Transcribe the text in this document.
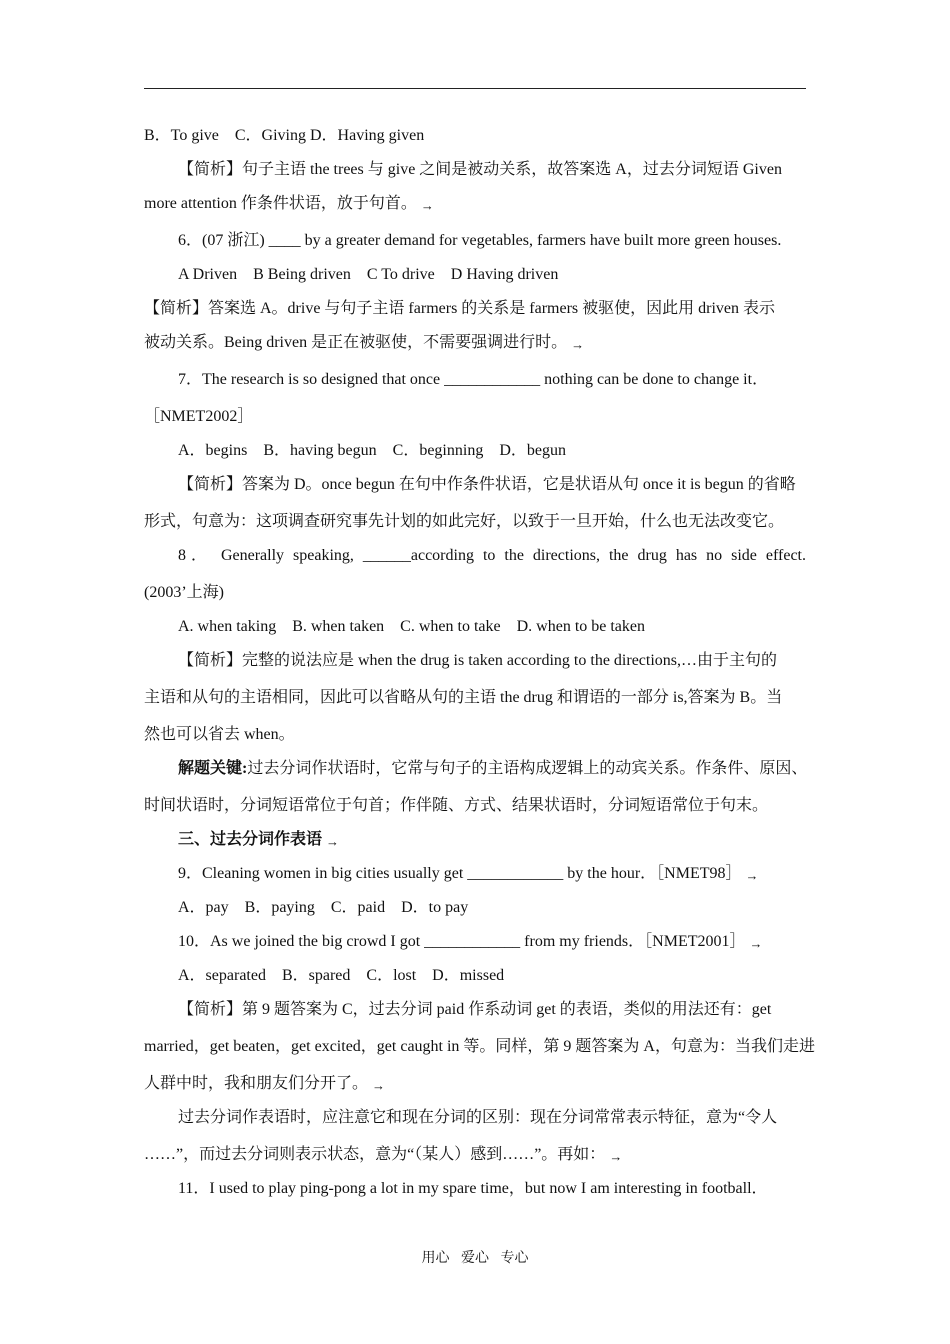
B．To give　C．Giving D．Having given
【简析】句子主语 the trees 与 give 之间是被动关系，故答案选 A，过去分词短语 Given
more attention 作条件状语，放于句首。 →
6．(07 浙江) ____ by a greater demand for vegetables, farmers have built more green houses.
A Driven　B Being driven　C To drive　D Having driven
【简析】答案选 A。drive 与句子主语 farmers 的关系是 farmers 被驱使，因此用 driven 表示
被动关系。Being driven 是正在被驱使，不需要强调进行时。 →
7．The research is so designed that once ____________ nothing can be done to change it．
［NMET2002］
A．begins　B．having begun　C．beginning　D．begun
【简析】答案为 D。once begun 在句中作条件状语，它是状语从句 once it is begun 的省略
形式，句意为：这项调查研究事先计划的如此完好，以致于一旦开始，什么也无法改变它。
8． Generally speaking, ______according to the directions, the drug has no side effect.
(2003’上海)
A. when taking　B. when taken　C. when to take　D. when to be taken
【简析】完整的说法应是 when the drug is taken according to the directions,…由于主句的
主语和从句的主语相同，因此可以省略从句的主语 the drug 和谓语的一部分 is,答案为 B。当
然也可以省去 when。
解题关键:过去分词作状语时，它常与句子的主语构成逻辑上的动宾关系。作条件、原因、
时间状语时，分词短语常位于句首；作伴随、方式、结果状语时，分词短语常位于句末。
三、过去分词作表语 →
9．Cleaning women in big cities usually get ____________ by the hour．［NMET98］ →
A．pay　B．paying　C．paid　D．to pay
10．As we joined the big crowd I got ____________ from my friends．［NMET2001］ →
A．separated　B．spared　C．lost　D．missed
【简析】第 9 题答案为 C，过去分词 paid 作系动词 get 的表语，类似的用法还有：get
married，get beaten，get excited，get caught in 等。同样，第 9 题答案为 A，句意为：当我们走进
人群中时，我和朋友们分开了。 →
过去分词作表语时，应注意它和现在分词的区别：现在分词常常表示特征，意为“令人
……”，而过去分词则表示状态，意为“（某人）感到……”。再如： →
11．I used to play ping-pong a lot in my spare time，but now I am interesting in football．
用心 爱心 专心
